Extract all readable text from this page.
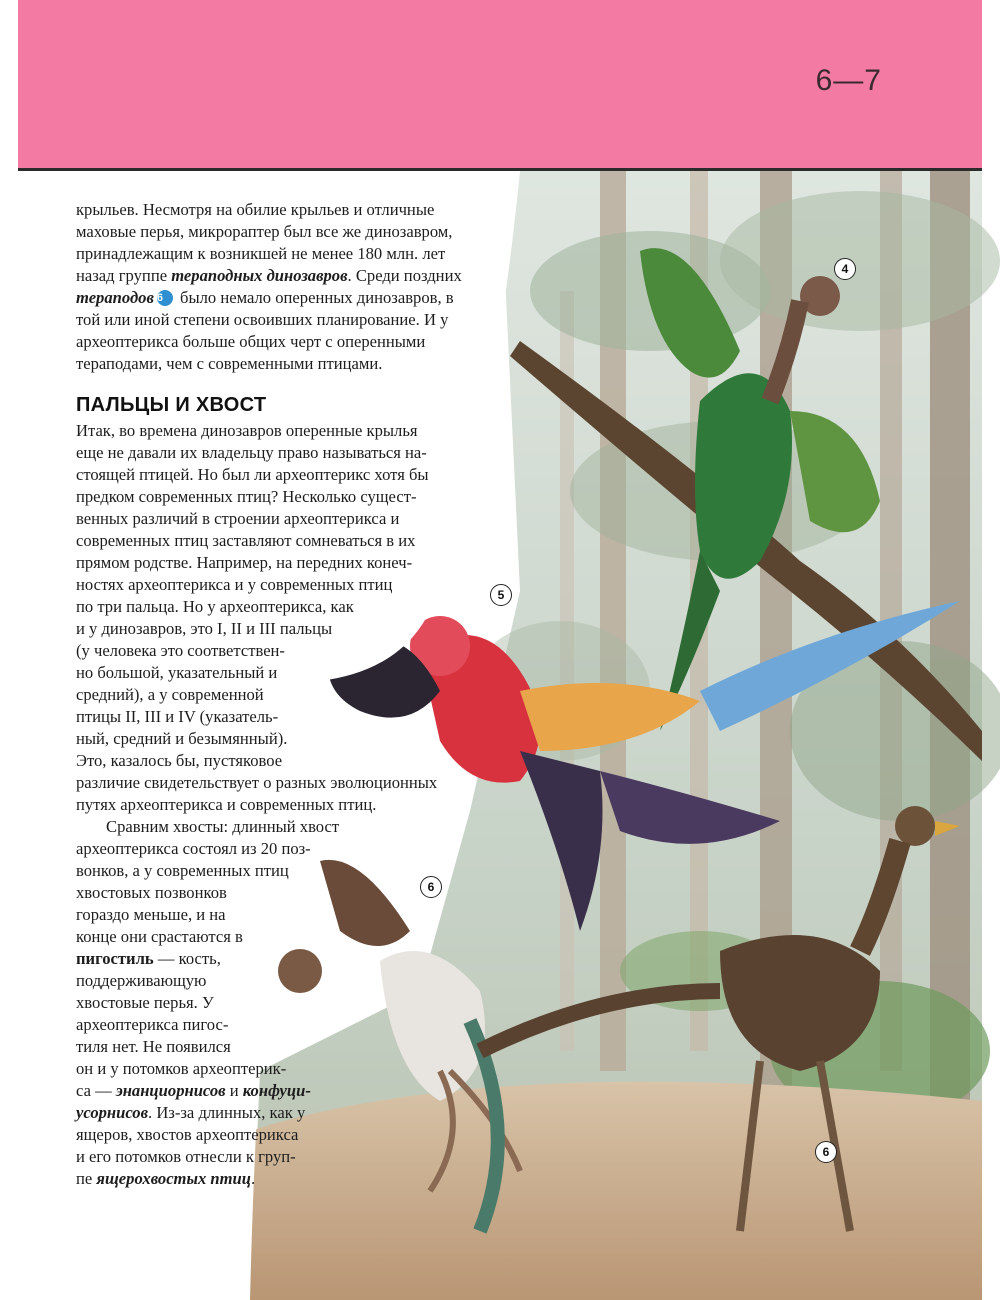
6—7
4
5
6
6

крыльев. Несмотря на обилие крыльев и отличные
маховые перья, микрораптер был все же динозавром,
принадлежащим к возникшей не менее 180 млн. лет
назад группе терaподных динозавров. Среди поздних
терaподов 6 было немало оперенных динозавров, в
той или иной степени освоивших планирование. И у
археоптерикса больше общих черт с оперенными
тераподами, чем с современными птицами.

ПАЛЬЦЫ И ХВОСТ

Итак, во времена динозавров оперенные крылья
еще не давали их владельцу право называться на-
стоящей птицей. Но был ли археоптерикс хотя бы
предком современных птиц? Несколько сущест-
венных различий в строении археоптерикса и
современных птиц заставляют сомневаться в их
прямом родстве. Например, на передних конеч-
ностях археоптерикса и у современных птиц
по три пальца. Но у археоптерикса, как
и у динозавров, это I, II и III пальцы
(у человека это соответствен-
но большой, указательный и
средний), а у современной
птицы II, III и IV (указатель-
ный, средний и безымянный).
Это, казалось бы, пустяковое
различие свидетельствует о разных эволюционных
путях археоптерикса и современных птиц.

Сравним хвосты: длинный хвост
археоптерикса состоял из 20 поз-
вонков, а у современных птиц
хвостовых позвонков
гораздо меньше, и на
конце они срастаются в
пигостиль — кость,
поддерживающую
хвостовые перья. У
археоптерикса пигос-
тиля нет. Не появился
он и у потомков археоптерик-
са — энанциорнисов и конфуци-
усорнисов. Из-за длинных, как у
ящеров, хвостов археоптерикса
и его потомков отнесли к груп-
пе ящерохвостых птиц.
